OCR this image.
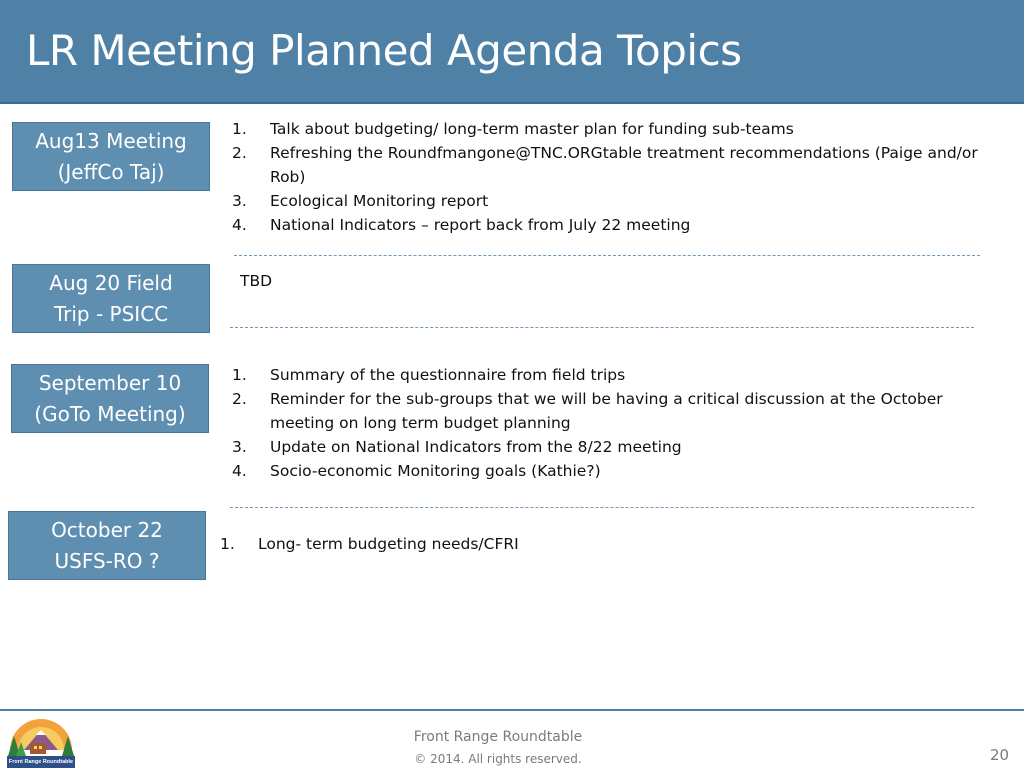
LR Meeting Planned Agenda Topics
Aug13 Meeting
(JeffCo Taj)
1. Talk about budgeting/ long-term master plan for funding sub-teams
2. Refreshing the Roundfmangone@TNC.ORGtable treatment recommendations (Paige and/or Rob)
3. Ecological Monitoring report
4. National Indicators – report back from July 22 meeting
Aug 20 Field
Trip - PSICC
TBD
September 10
(GoTo Meeting)
1. Summary of the questionnaire from field trips
2. Reminder for the sub-groups that we will be having a critical discussion at the October meeting on long term budget planning
3. Update on National Indicators from the 8/22 meeting
4. Socio-economic Monitoring goals (Kathie?)
October 22
USFS-RO ?
1. Long- term budgeting needs/CFRI
Front Range Roundtable
Front Range Roundtable
© 2014. All rights reserved.	20
